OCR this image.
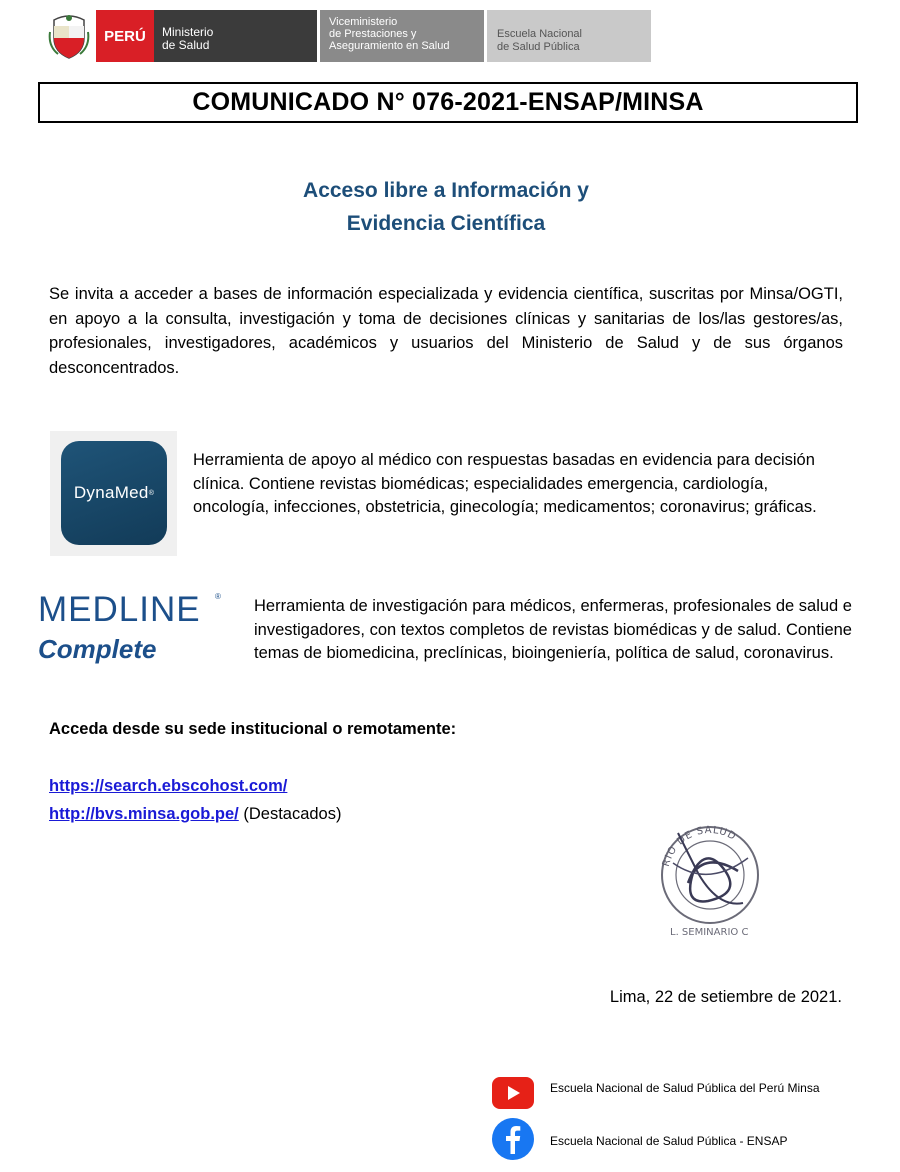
PERÚ Ministerio
de Salud
Viceministerio
de Prestaciones y
Aseguramiento en Salud
Escuela Nacional
de Salud Pública
COMUNICADO N° 076-2021-ENSAP/MINSA
Acceso libre a Información y
Evidencia Científica
Se invita a acceder a bases de información especializada y evidencia científica, suscritas por Minsa/OGTI, en apoyo a la consulta, investigación y toma de decisiones clínicas y sanitarias de los/las gestores/as, profesionales, investigadores, académicos y usuarios del Ministerio de Salud y de sus órganos desconcentrados.
DynaMed ®
Herramienta de apoyo al médico con respuestas basadas en evidencia para decisión clínica. Contiene revistas biomédicas; especialidades emergencia, cardiología, oncología, infecciones, obstetricia, ginecología; medicamentos; coronavirus; gráficas.
MEDLINE ®
Complete
Herramienta de investigación para médicos, enfermeras, profesionales de salud e investigadores, con textos completos de revistas biomédicas y de salud. Contiene temas de biomedicina, preclínicas, bioingeniería, política de salud, coronavirus.
Acceda desde su sede institucional o remotamente:
https://search.ebscohost.com/
http://bvs.minsa.gob.pe/ (Destacados)
RIO DE SALUD
L. SEMINARIO C
Lima, 22 de setiembre de 2021.
Escuela Nacional de Salud Pública del Perú Minsa
Escuela Nacional de Salud Pública - ENSAP
